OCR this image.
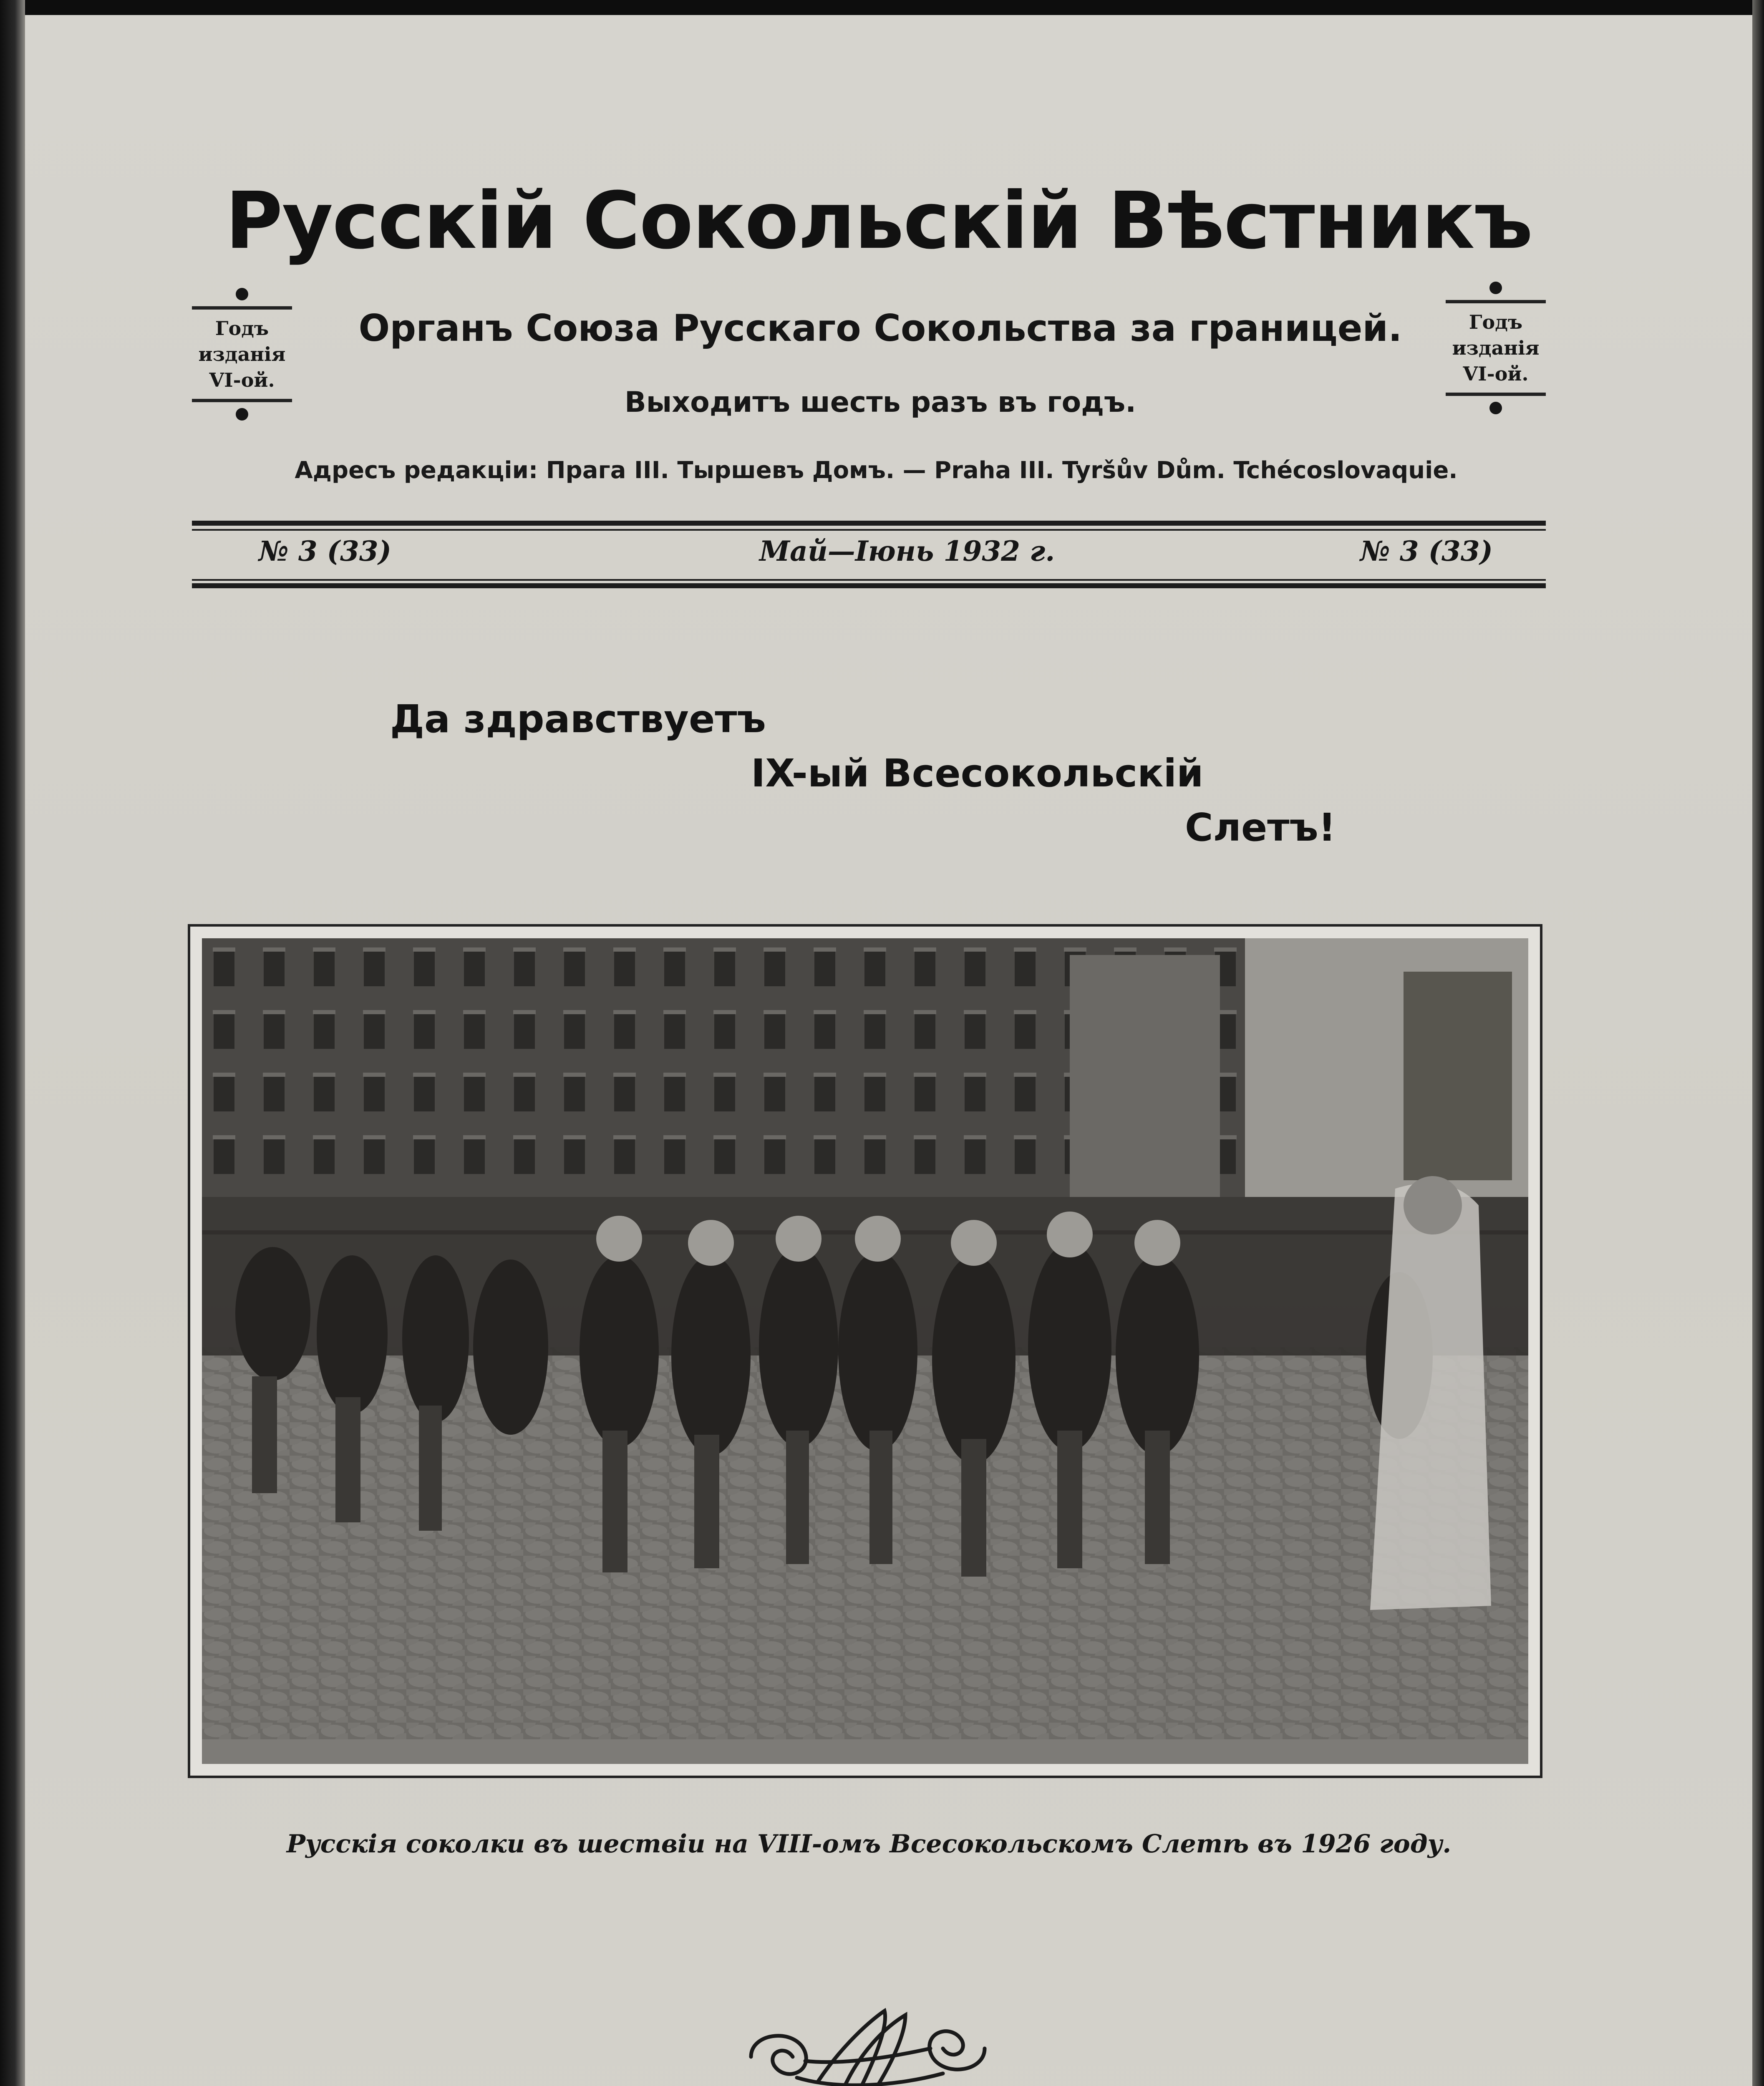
Русскій Сокольскій Вѣстникъ
Годъ
изданія
VI-ой.
Органъ Союза Русскаго Сокольства за границей.	Годъ
изданія
VI-ой.
Выходитъ шесть разъ въ годъ.
Адресъ редакціи: Прага III. Тыршевъ Домъ. — Praha III. Tyršův Dům. Tchécoslovaquie.
№ 3 (33)	Май—Іюнь 1932 г.	№ 3 (33)
Да здравствуетъ
IX-ый Всесокольскій
Слетъ!
Русскія соколки въ шествіи на VIII-омъ Всесокольскомъ Слетѣ въ 1926 году.
